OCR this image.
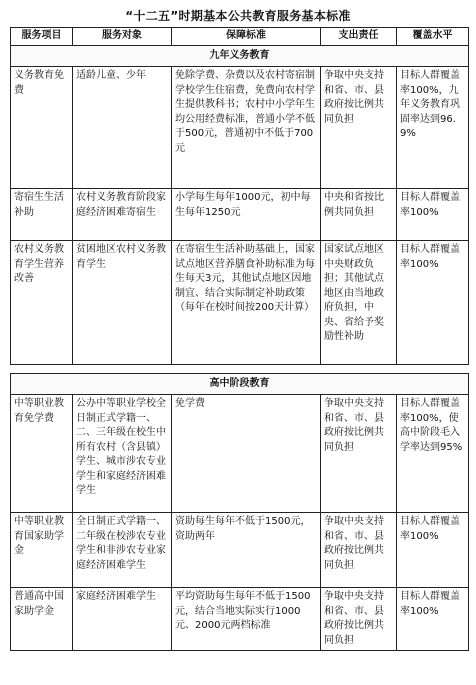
“十二五”时期基本公共教育服务基本标准
服务项目	服务对象	保障标准	支出责任	覆盖水平
九年义务教育				
义务教育免费	适龄儿童、少年	免除学费、杂费以及农村寄宿制学校学生住宿费，免费向农村学生提供教科书；农村中小学年生均公用经费标准，普通小学不低于500元，普通初中不低于700元	争取中央支持和省、市、县政府按比例共同负担	目标人群覆盖率100%，九年义务教育巩固率达到96.9%
寄宿生生活补助	农村义务教育阶段家庭经济困难寄宿生	小学每生每年1000元，初中每生每年1250元	中央和省按比例共同负担	目标人群覆盖率100%
农村义务教育学生营养改善	贫困地区农村义务教育学生	在寄宿生生活补助基础上，国家试点地区营养膳食补助标准为每生每天3元，其他试点地区因地制宜、结合实际制定补助政策（每年在校时间按200天计算）	国家试点地区中央财政负担；其他试点地区由当地政府负担，中央、省给予奖励性补助	目标人群覆盖率100%
高中阶段教育				
中等职业教育免学费	公办中等职业学校全日制正式学籍一、二、三年级在校生中所有农村（含县镇）学生、城市涉农专业学生和家庭经济困难学生	免学费	争取中央支持和省、市、县政府按比例共同负担	目标人群覆盖率100%，使高中阶段毛入学率达到95%
中等职业教育国家助学金	全日制正式学籍一、二年级在校涉农专业学生和非涉农专业家庭经济困难学生	资助每生每年不低于1500元，资助两年	争取中央支持和省、市、县政府按比例共同负担	目标人群覆盖率100%
普通高中国家助学金	家庭经济困难学生	平均资助每生每年不低于1500元，结合当地实际实行1000元、2000元两档标准	争取中央支持和省、市、县政府按比例共同负担	目标人群覆盖率100%
